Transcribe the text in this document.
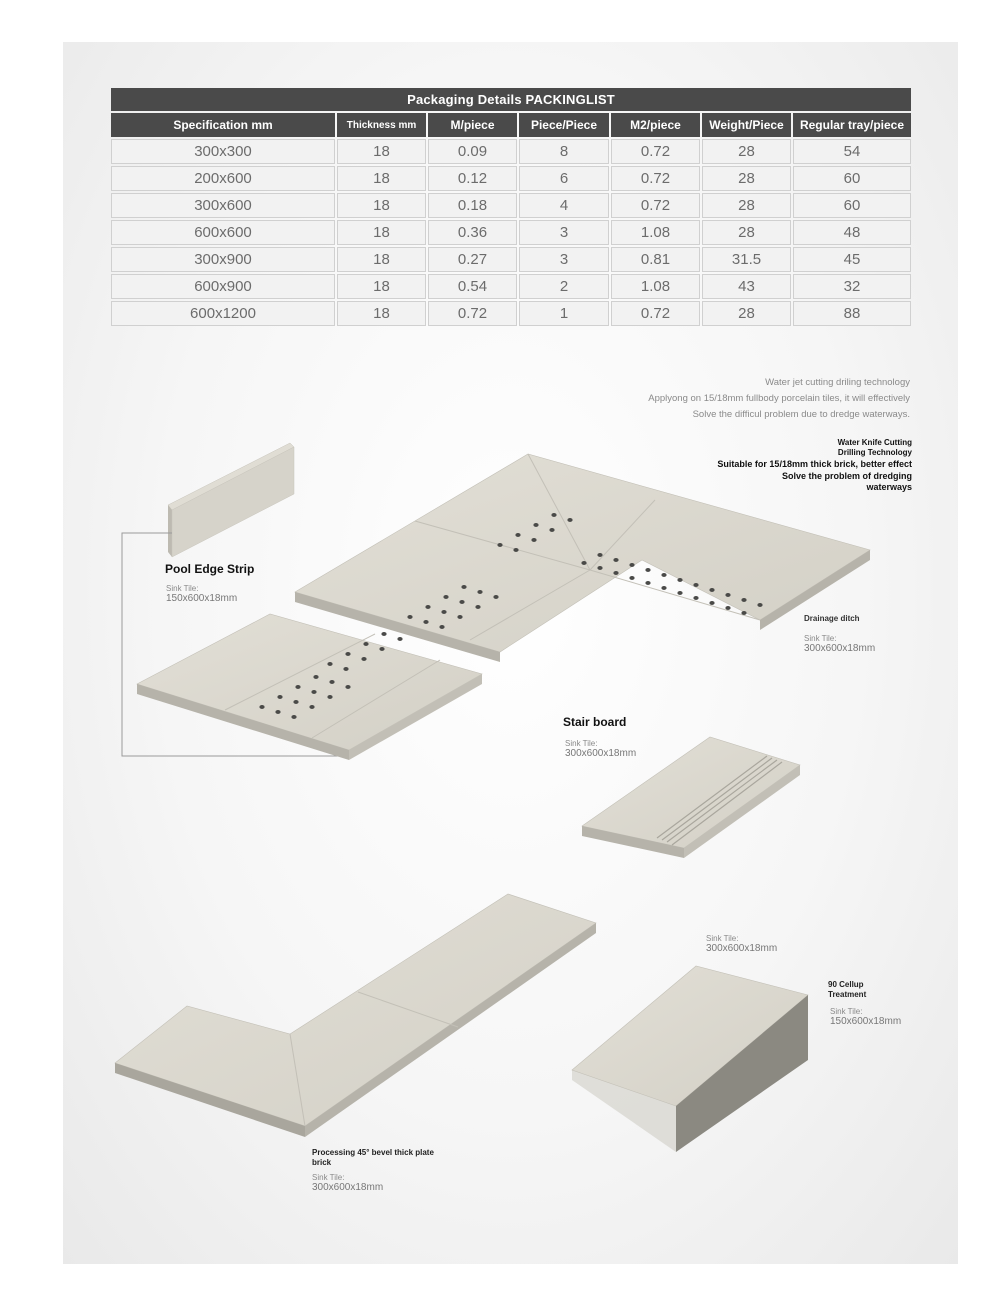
Packaging Details PACKINGLIST
Specification mm	Thickness mm	M/piece	Piece/Piece	M2/piece	Weight/Piece	Regular tray/piece
300x300	18	0.09	8	0.72	28	54
200x600	18	0.12	6	0.72	28	60
300x600	18	0.18	4	0.72	28	60
600x600	18	0.36	3	1.08	28	48
300x900	18	0.27	3	0.81	31.5	45
600x900	18	0.54	2	1.08	43	32
600x1200	18	0.72	1	0.72	28	88
Water jet cutting driling technology
Applyong on 15/18mm fullbody porcelain tiles, it will effectively
Solve the difficul problem due to dredge waterways.
Water Knife Cutting
Drilling Technology
Suitable for 15/18mm thick brick, better effect
Solve the problem of dredging
waterways
Pool Edge Strip
Sink Tile:
150x600x18mm
Drainage ditch
Sink Tile:
300x600x18mm
Stair board
Sink Tile:
300x600x18mm
Sink Tile:
300x600x18mm
90 Cellup
Treatment
Sink Tile:
150x600x18mm
Processing 45° bevel thick plate
brick
Sink Tile:
300x600x18mm
